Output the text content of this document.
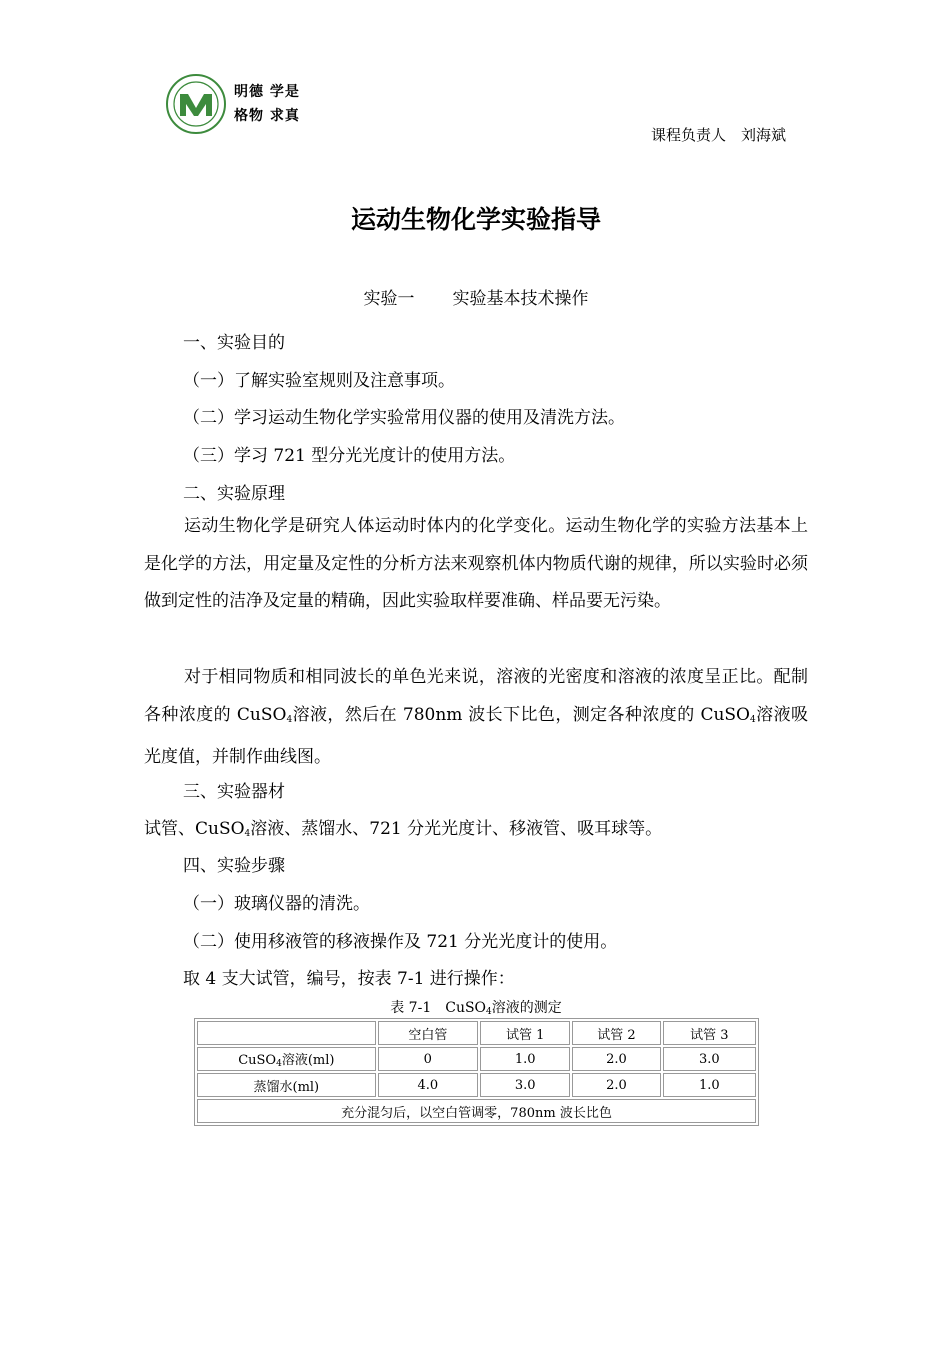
明德 学是
格物 求真
课程负责人　刘海斌
运动生物化学实验指导
实验一 实验基本技术操作
一、实验目的
（一）了解实验室规则及注意事项。
（二）学习运动生物化学实验常用仪器的使用及清洗方法。
（三）学习 721 型分光光度计的使用方法。
二、实验原理
运动生物化学是研究人体运动时体内的化学变化。运动生物化学的实验方法基本上是化学的方法，用定量及定性的分析方法来观察机体内物质代谢的规律，所以实验时必须做到定性的洁净及定量的精确，因此实验取样要准确、样品要无污染。
对于相同物质和相同波长的单色光来说，溶液的光密度和溶液的浓度呈正比。配制各种浓度的 CuSO$_4$溶液，然后在 780nm 波长下比色，测定各种浓度的 CuSO$_4$溶液吸光度值，并制作曲线图。
三、实验器材
试管、CuSO$_4$溶液、蒸馏水、721 分光光度计、移液管、吸耳球等。
四、实验步骤
（一）玻璃仪器的清洗。
（二）使用移液管的移液操作及 721 分光光度计的使用。
取 4 支大试管，编号，按表 7-1 进行操作：
表 7-1　CuSO$_4$溶液的测定
	空白管	试管 1	试管 2	试管 3
CuSO$_4$溶液(ml)	0	1.0	2.0	3.0
蒸馏水(ml)	4.0	3.0	2.0	1.0
充分混匀后，以空白管调零，780nm 波长比色				
